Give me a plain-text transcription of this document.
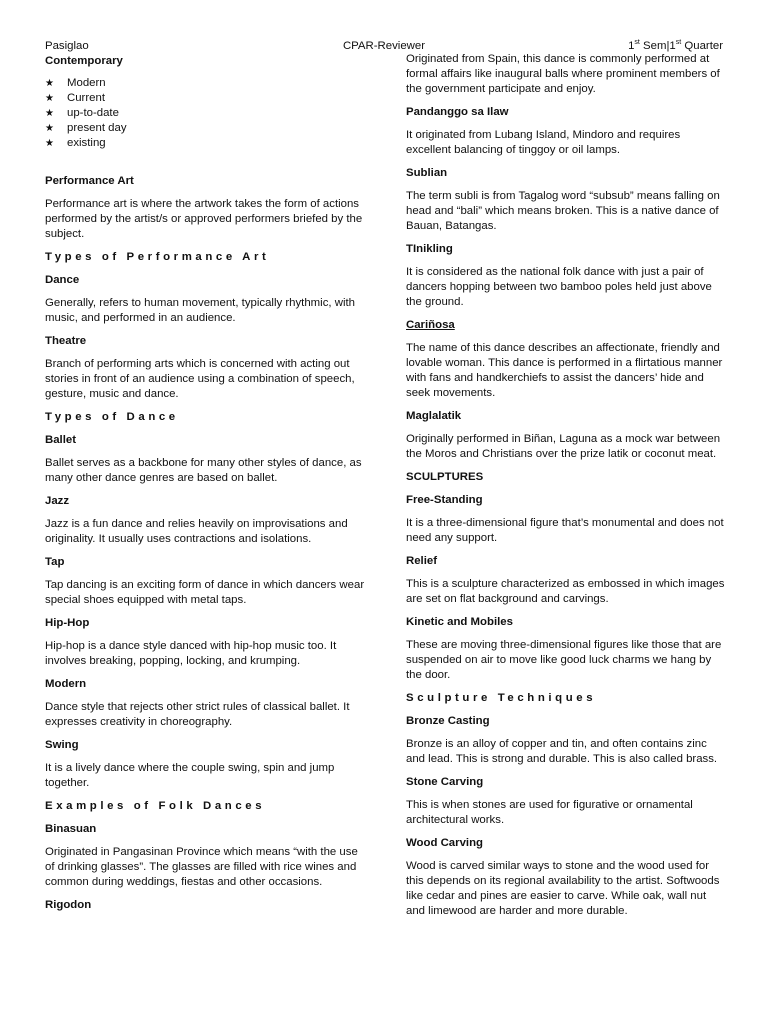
Pasiglao	CPAR-Reviewer	1st Sem|1st Quarter
Contemporary
★	Modern
★	Current
★	up-to-date
★	present day
★	existing
Performance Art

Performance art is where the artwork takes the form of actions performed by the artist/s or approved performers briefed by the subject.

Types of Performance Art
Dance

Generally, refers to human movement, typically rhythmic, with music, and performed in an audience.

Theatre

Branch of performing arts which is concerned with acting out stories in front of an audience using a combination of speech, gesture, music and dance.

Types of Dance
Ballet

Ballet serves as a backbone for many other styles of dance, as many other dance genres are based on ballet.

Jazz

Jazz is a fun dance and relies heavily on improvisations and originality. It usually uses contractions and isolations.

Tap

Tap dancing is an exciting form of dance in which dancers wear special shoes equipped with metal taps.

Hip-Hop

Hip-hop is a dance style danced with hip-hop music too. It involves breaking, popping, locking, and krumping.

Modern

Dance style that rejects other strict rules of classical ballet. It expresses creativity in choreography.

Swing

It is a lively dance where the couple swing, spin and jump together.

Examples of Folk Dances
Binasuan

Originated in Pangasinan Province which means “with the use of drinking glasses”. The glasses are filled with rice wines and common during weddings, fiestas and other occasions.

Rigodon

Originated from Spain, this dance is commonly performed at formal affairs like inaugural balls where prominent members of the government participate and enjoy.

Pandanggo sa Ilaw

It originated from Lubang Island, Mindoro and requires excellent balancing of tinggoy or oil lamps.

Sublian

The term subli is from Tagalog word “subsub” means falling on head and “bali” which means broken. This is a native dance of Bauan, Batangas.

TInikling

It is considered as the national folk dance with just a pair of dancers hopping between two bamboo poles held just above the ground.

Cariñosa

The name of this dance describes an affectionate, friendly and lovable woman. This dance is performed in a flirtatious manner with fans and handkerchiefs to assist the dancers’ hide and seek movements.

Maglalatik

Originally performed in Biñan, Laguna as a mock war between the Moros and Christians over the prize latik or coconut meat.

SCULPTURES
Free-Standing

It is a three-dimensional figure that’s monumental and does not need any support.

Relief

This is a sculpture characterized as embossed in which images are set on flat background and carvings.

Kinetic and Mobiles

These are moving three-dimensional figures like those that are suspended on air to move like good luck charms we hang by the door.

Sculpture Techniques
Bronze Casting

Bronze is an alloy of copper and tin, and often contains zinc and lead. This is strong and durable. This is also called brass.

Stone Carving

This is when stones are used for figurative or ornamental architectural works.

Wood Carving

Wood is carved similar ways to stone and the wood used for this depends on its regional availability to the artist. Softwoods like cedar and pines are easier to carve. While oak, wall nut and limewood are harder and more durable.
